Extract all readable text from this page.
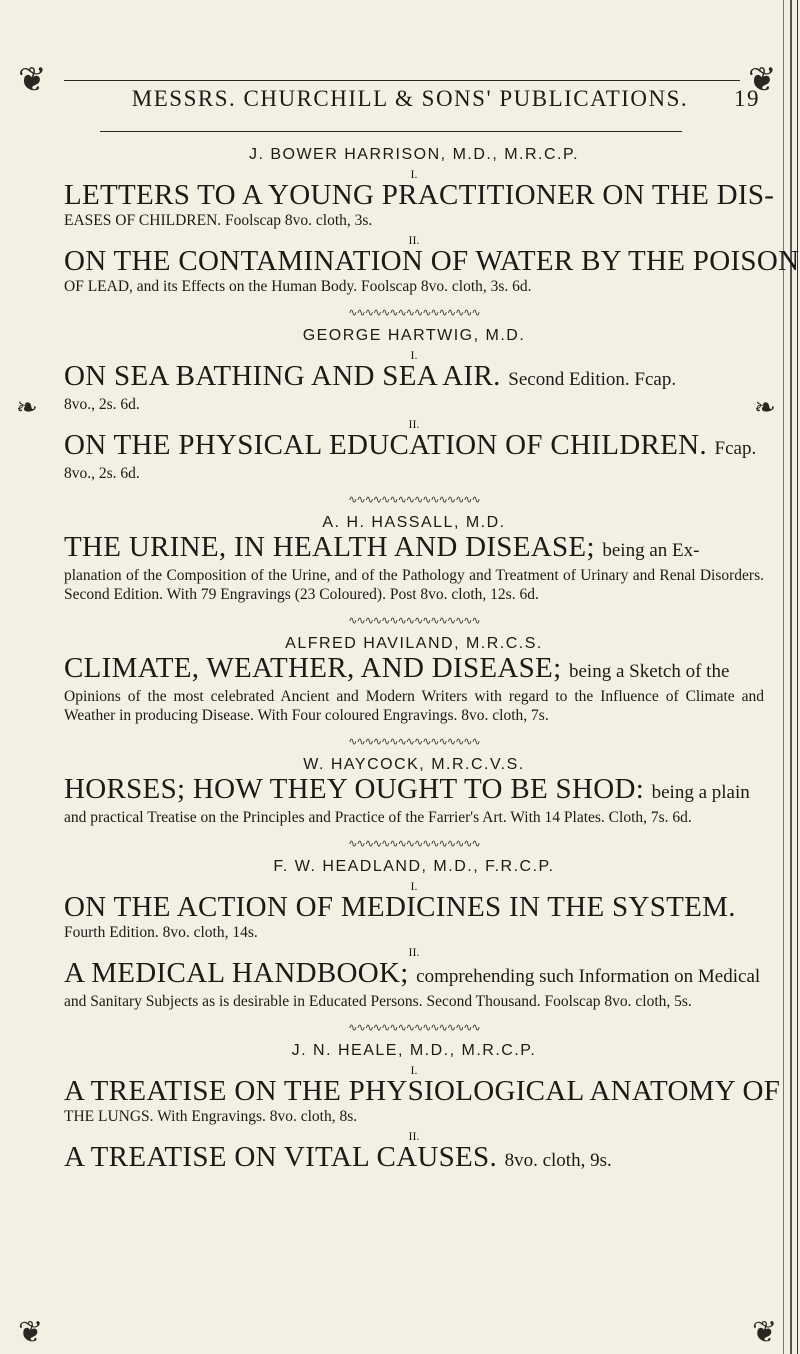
❦	❦
❦	❦
❧	❧
MESSRS. CHURCHILL & SONS' PUBLICATIONS. 19
J. BOWER HARRISON, M.D., M.R.C.P.
I.
LETTERS TO A YOUNG PRACTITIONER ON THE DIS-
EASES OF CHILDREN. Foolscap 8vo. cloth, 3s.
II.
ON THE CONTAMINATION OF WATER BY THE POISON
OF LEAD, and its Effects on the Human Body. Foolscap 8vo. cloth, 3s. 6d.
∿∿∿∿∿∿∿∿∿∿∿∿∿∿∿∿
GEORGE HARTWIG, M.D.
I.
ON SEA BATHING AND SEA AIR. Second Edition. Fcap.
8vo., 2s. 6d.
II.
ON THE PHYSICAL EDUCATION OF CHILDREN. Fcap.
8vo., 2s. 6d.
∿∿∿∿∿∿∿∿∿∿∿∿∿∿∿∿
A. H. HASSALL, M.D.
THE URINE, IN HEALTH AND DISEASE; being an Ex-
planation of the Composition of the Urine, and of the Pathology and Treatment of Urinary and Renal Disorders. Second Edition. With 79 Engravings (23 Coloured). Post 8vo. cloth, 12s. 6d.
∿∿∿∿∿∿∿∿∿∿∿∿∿∿∿∿
ALFRED HAVILAND, M.R.C.S.
CLIMATE, WEATHER, AND DISEASE; being a Sketch of the
Opinions of the most celebrated Ancient and Modern Writers with regard to the Influence of Climate and Weather in producing Disease. With Four coloured Engravings. 8vo. cloth, 7s.
∿∿∿∿∿∿∿∿∿∿∿∿∿∿∿∿
W. HAYCOCK, M.R.C.V.S.
HORSES; HOW THEY OUGHT TO BE SHOD: being a plain
and practical Treatise on the Principles and Practice of the Farrier's Art. With 14 Plates. Cloth, 7s. 6d.
∿∿∿∿∿∿∿∿∿∿∿∿∿∿∿∿
F. W. HEADLAND, M.D., F.R.C.P.
I.
ON THE ACTION OF MEDICINES IN THE SYSTEM.
Fourth Edition. 8vo. cloth, 14s.
II.
A MEDICAL HANDBOOK; comprehending such Information on Medical
and Sanitary Subjects as is desirable in Educated Persons. Second Thousand. Foolscap 8vo. cloth, 5s.
∿∿∿∿∿∿∿∿∿∿∿∿∿∿∿∿
J. N. HEALE, M.D., M.R.C.P.
I.
A TREATISE ON THE PHYSIOLOGICAL ANATOMY OF
THE LUNGS. With Engravings. 8vo. cloth, 8s.
II.
A TREATISE ON VITAL CAUSES. 8vo. cloth, 9s.
